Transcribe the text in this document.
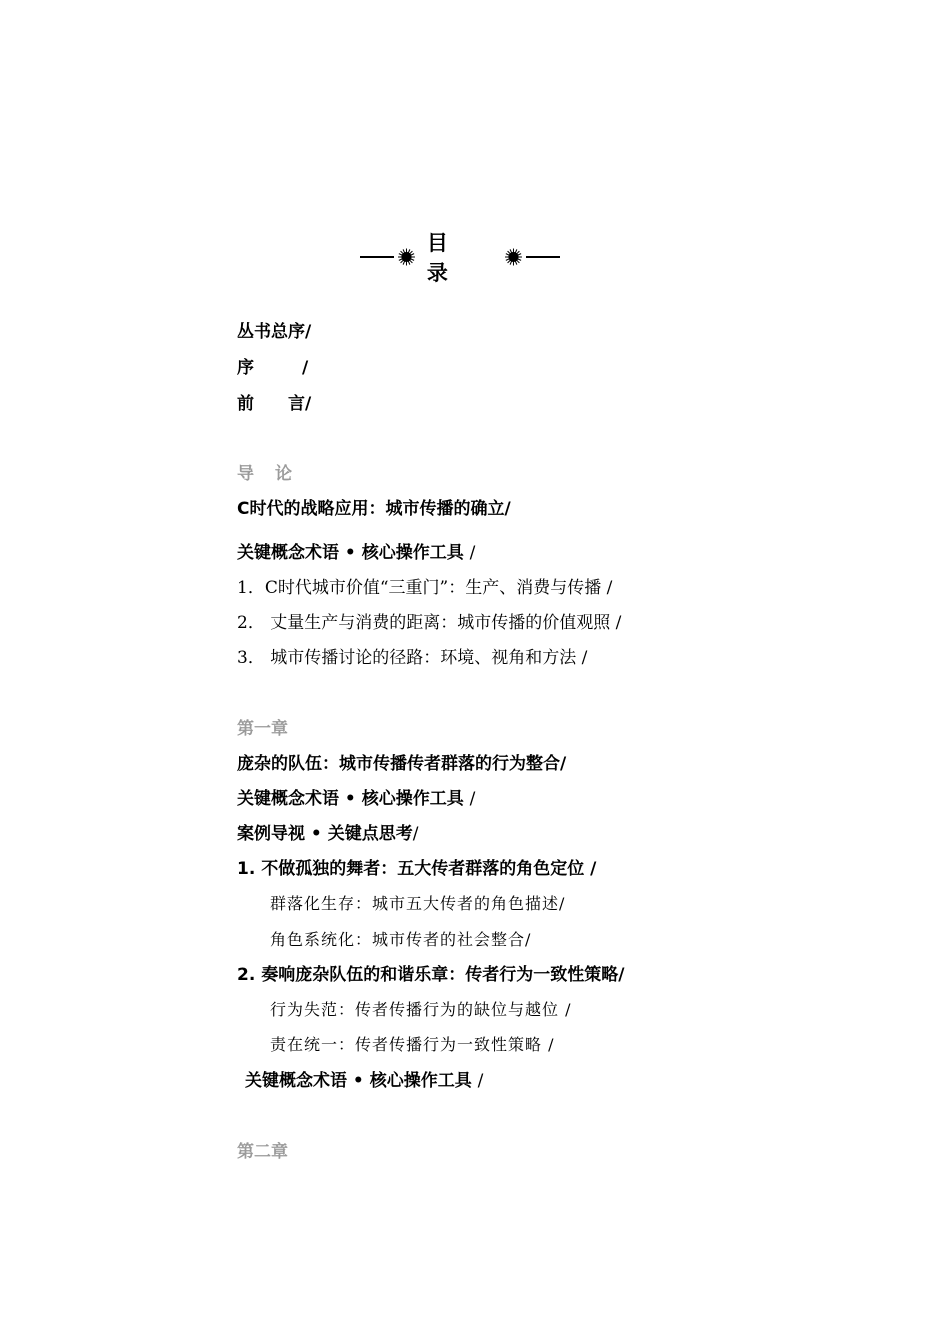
目 录
丛书总序/
序	/
前　　言/
导　论
C时代的战略应用：城市传播的确立/
关键概念术语 • 核心操作工具 /
1．C时代城市价值“三重门”：生产、消费与传播 /
2． 丈量生产与消费的距离：城市传播的价值观照 /
3． 城市传播讨论的径路：环境、视角和方法 /
第一章
庞杂的队伍：城市传播传者群落的行为整合/
关键概念术语 • 核心操作工具 /
案例导视 • 关键点思考/
1. 不做孤独的舞者：五大传者群落的角色定位 /
群落化生存：城市五大传者的角色描述/
角色系统化：城市传者的社会整合/
2. 奏响庞杂队伍的和谐乐章：传者行为一致性策略/
行为失范：传者传播行为的缺位与越位 /
责在统一：传者传播行为一致性策略 /
关键概念术语 • 核心操作工具 /
第二章
